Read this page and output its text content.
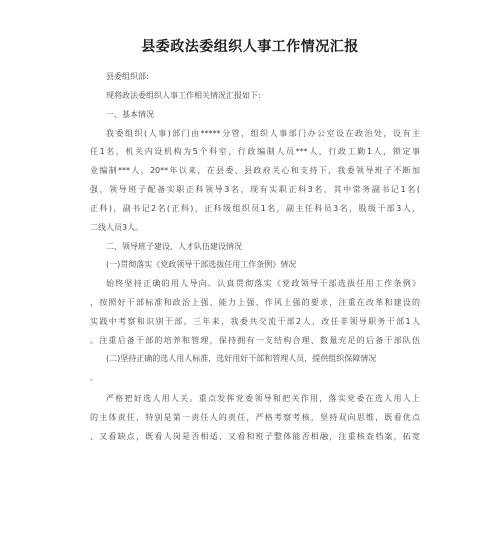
县委政法委组织人事工作情况汇报
县委组织部:
现将政法委组织人事工作相关情况汇报如下:
一、基本情况
我委组织(人事)部门由*****分管，组织人事部门办公室设在政治处，设有主
任1名，机关内设机构为5个科室，行政编制人员***人，行政工勤1人，锁定事
业编制***人，20**年以来，在县委、县政府关心和支持下，我委领导班子不断加
强，领导班子配备实职正科领导3名，现有实职正科3名，其中常务副书记1名(
正科)，副书记2名(正科)，正科级组织员1名，副主任科员3名，股级干部3人，
二线人员3人。
二、领导班子建设、人才队伍建设情况
(一)贯彻落实《党政领导干部选拔任用工作条例》情况
始终坚持正确的用人导向。认真贯彻落实《党政领导干部选拔任用工作条例》
，按照好干部标准和政治上强、能力上强、作风上强的要求，注重在改革和建设的
实践中考察和识别干部。三年来，我委共交流干部2人，改任非领导职务干部1人
。注重后备干部的培养和管理，保持拥有一支结构合理、数量充足的后备干部队伍
(二)坚持正确的选人用人标准，选好用好干部和管理人员，提供组织保障情况
。
严格把好选人用人关。重点发挥党委领导和把关作用，落实党委在选人用人上
的主体责任，特别是第一责任人的责任，严格考察考核，坚持双向思维，既看优点
、又看缺点，既看人岗是否相适、又看和班子整体能否相融，注重核查档案，拓宽
